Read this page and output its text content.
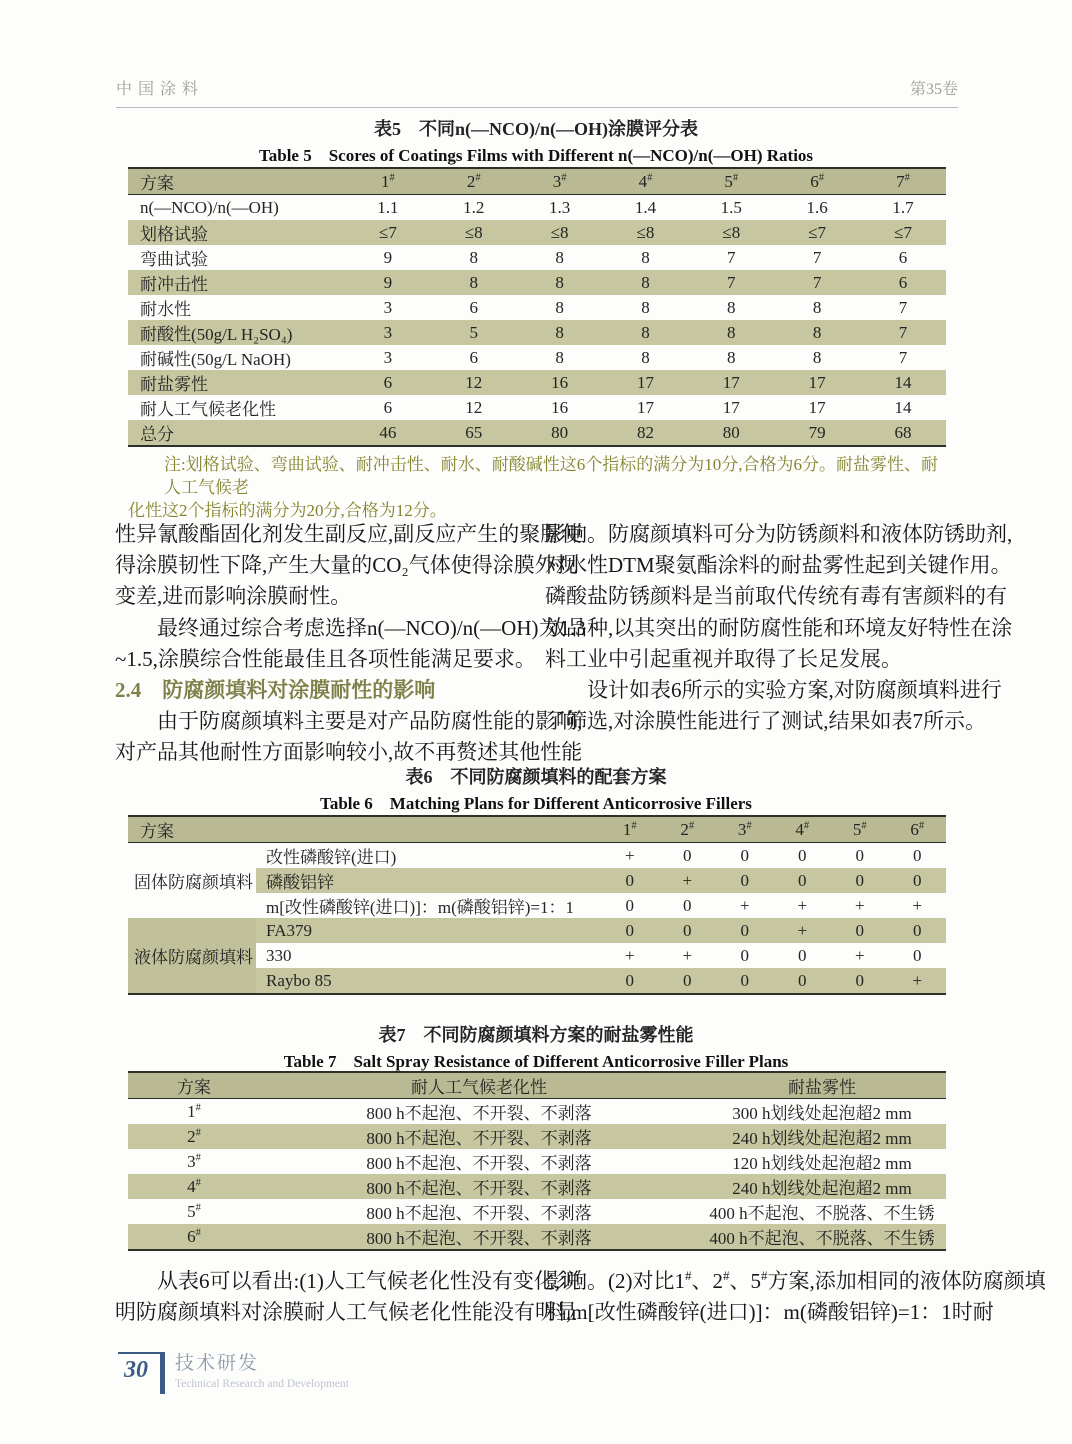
中国涂料	第35卷
表5　不同n(—NCO)/n(—OH)涂膜评分表
Table 5　Scores of Coatings Films with Different n(—NCO)/n(—OH) Ratios
方案	1#	2#	3#	4#	5#	6#	7#
n(—NCO)/n(—OH)	1.1	1.2	1.3	1.4	1.5	1.6	1.7
划格试验	≤7	≤8	≤8	≤8	≤8	≤7	≤7
弯曲试验	9	8	8	8	7	7	6
耐冲击性	9	8	8	8	7	7	6
耐水性	3	6	8	8	8	8	7
耐酸性(50g/L H₂SO₄)	3	5	8	8	8	8	7
耐碱性(50g/L NaOH)	3	6	8	8	8	8	7
耐盐雾性	6	12	16	17	17	17	14
耐人工气候老化性	6	12	16	17	17	17	14
总分	46	65	80	82	80	79	68
注:划格试验、弯曲试验、耐冲击性、耐水、耐酸碱性这6个指标的满分为10分,合格为6分。耐盐雾性、耐人工气候老
化性这2个指标的满分为20分,合格为12分。
性异氰酸酯固化剂发生副反应,副反应产生的聚脲使
得涂膜韧性下降,产生大量的CO₂气体使得涂膜外观
变差,进而影响涂膜耐性。
最终通过综合考虑选择n(—NCO)/n(—OH)为1.3
~1.5,涂膜综合性能最佳且各项性能满足要求。
2.4　防腐颜填料对涂膜耐性的影响
由于防腐颜填料主要是对产品防腐性能的影响,
对产品其他耐性方面影响较小,故不再赘述其他性能
影响。防腐颜填料可分为防锈颜料和液体防锈助剂,
对水性DTM聚氨酯涂料的耐盐雾性起到关键作用。
磷酸盐防锈颜料是当前取代传统有毒有害颜料的有
效品种,以其突出的耐防腐性能和环境友好特性在涂
料工业中引起重视并取得了长足发展。
设计如表6所示的实验方案,对防腐颜填料进行
了筛选,对涂膜性能进行了测试,结果如表7所示。
表6　不同防腐颜填料的配套方案
Table 6　Matching Plans for Different Anticorrosive Fillers
方案		1#	2#	3#	4#	5#	6#
固体防腐颜填料	改性磷酸锌(进口)	+	0	0	0	0	0
	磷酸铝锌	0	+	0	0	0	0
	m[改性磷酸锌(进口)]：m(磷酸铝锌)=1：1	0	0	+	+	+	+
液体防腐颜填料	FA379	0	0	0	+	0	0
	330	+	+	0	0	+	0
	Raybo 85	0	0	0	0	0	+
表7　不同防腐颜填料方案的耐盐雾性能
Table 7　Salt Spray Resistance of Different Anticorrosive Filler Plans
方案	耐人工气候老化性	耐盐雾性
1#	800 h不起泡、不开裂、不剥落	300 h划线处起泡超2 mm
2#	800 h不起泡、不开裂、不剥落	240 h划线处起泡超2 mm
3#	800 h不起泡、不开裂、不剥落	120 h划线处起泡超2 mm
4#	800 h不起泡、不开裂、不剥落	240 h划线处起泡超2 mm
5#	800 h不起泡、不开裂、不剥落	400 h不起泡、不脱落、不生锈
6#	800 h不起泡、不开裂、不剥落	400 h不起泡、不脱落、不生锈
从表6可以看出:(1)人工气候老化性没有变化,说
明防腐颜填料对涂膜耐人工气候老化性能没有明显
影响。(2)对比1#、2#、5#方案,添加相同的液体防腐颜填
料,m[改性磷酸锌(进口)]：m(磷酸铝锌)=1：1时耐
30	技术研发
Technical Research and Development
